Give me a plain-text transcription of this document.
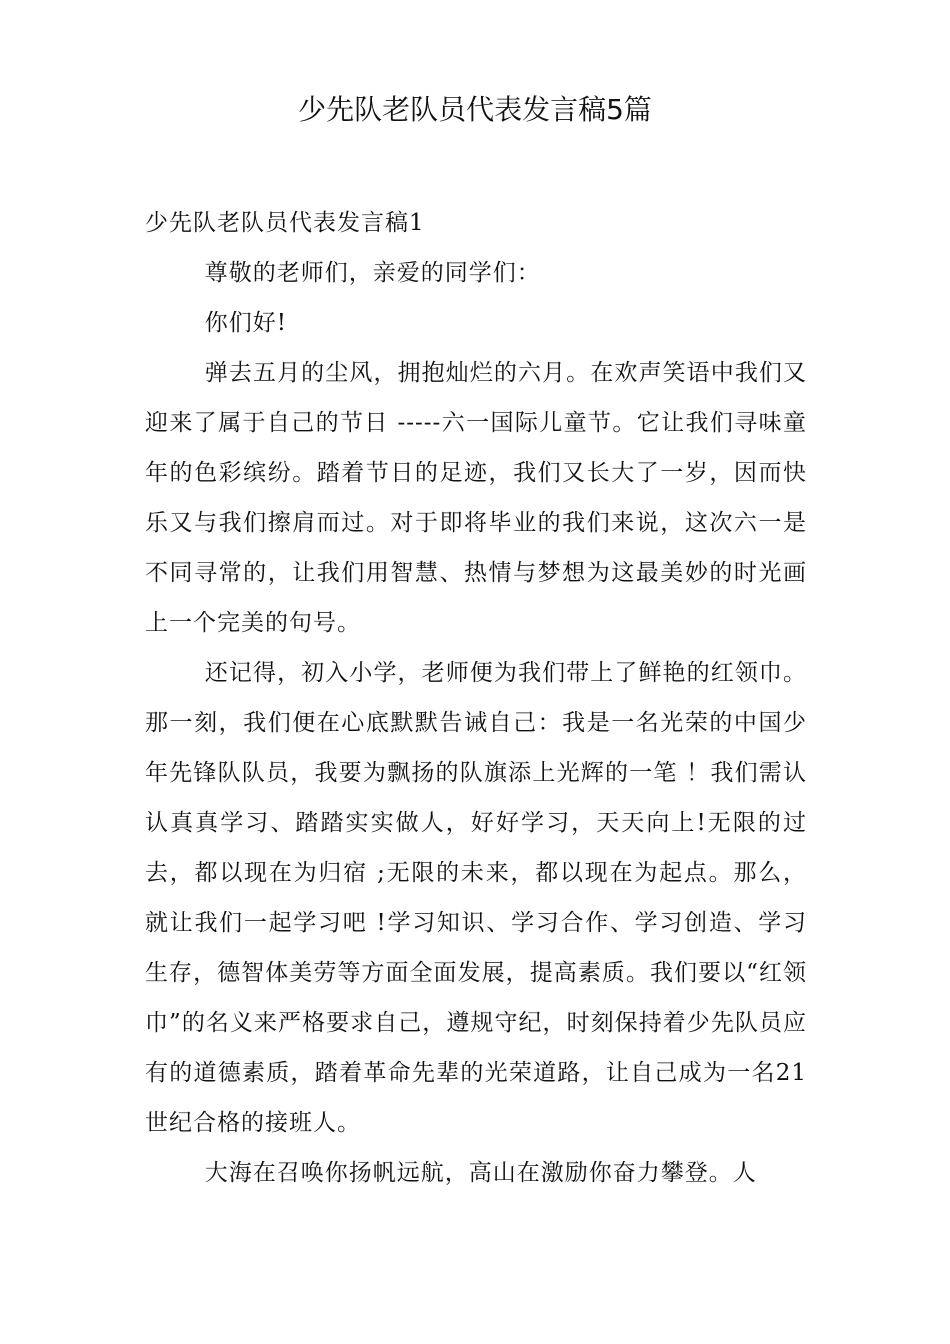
少先队老队员代表发言稿5篇

少先队老队员代表发言稿1

尊敬的老师们，亲爱的同学们：

你们好!

弹去五月的尘风，拥抱灿烂的六月。在欢声笑语中我们又迎来了属于自己的节日 -----六一国际儿童节。它让我们寻味童年的色彩缤纷。踏着节日的足迹，我们又长大了一岁，因而快乐又与我们擦肩而过。对于即将毕业的我们来说，这次六一是不同寻常的，让我们用智慧、热情与梦想为这最美妙的时光画上一个完美的句号。

还记得，初入小学，老师便为我们带上了鲜艳的红领巾。那一刻，我们便在心底默默告诫自己：我是一名光荣的中国少年先锋队队员，我要为飘扬的队旗添上光辉的一笔 ！我们需认认真真学习、踏踏实实做人，好好学习，天天向上!无限的过去，都以现在为归宿 ;无限的未来，都以现在为起点。那么，就让我们一起学习吧 !学习知识、学习合作、学习创造、学习生存，德智体美劳等方面全面发展，提高素质。我们要以“红领巾”的名义来严格要求自己，遵规守纪，时刻保持着少先队员应有的道德素质，踏着革命先辈的光荣道路，让自己成为一名21世纪合格的接班人。

大海在召唤你扬帆远航，高山在激励你奋力攀登。人
